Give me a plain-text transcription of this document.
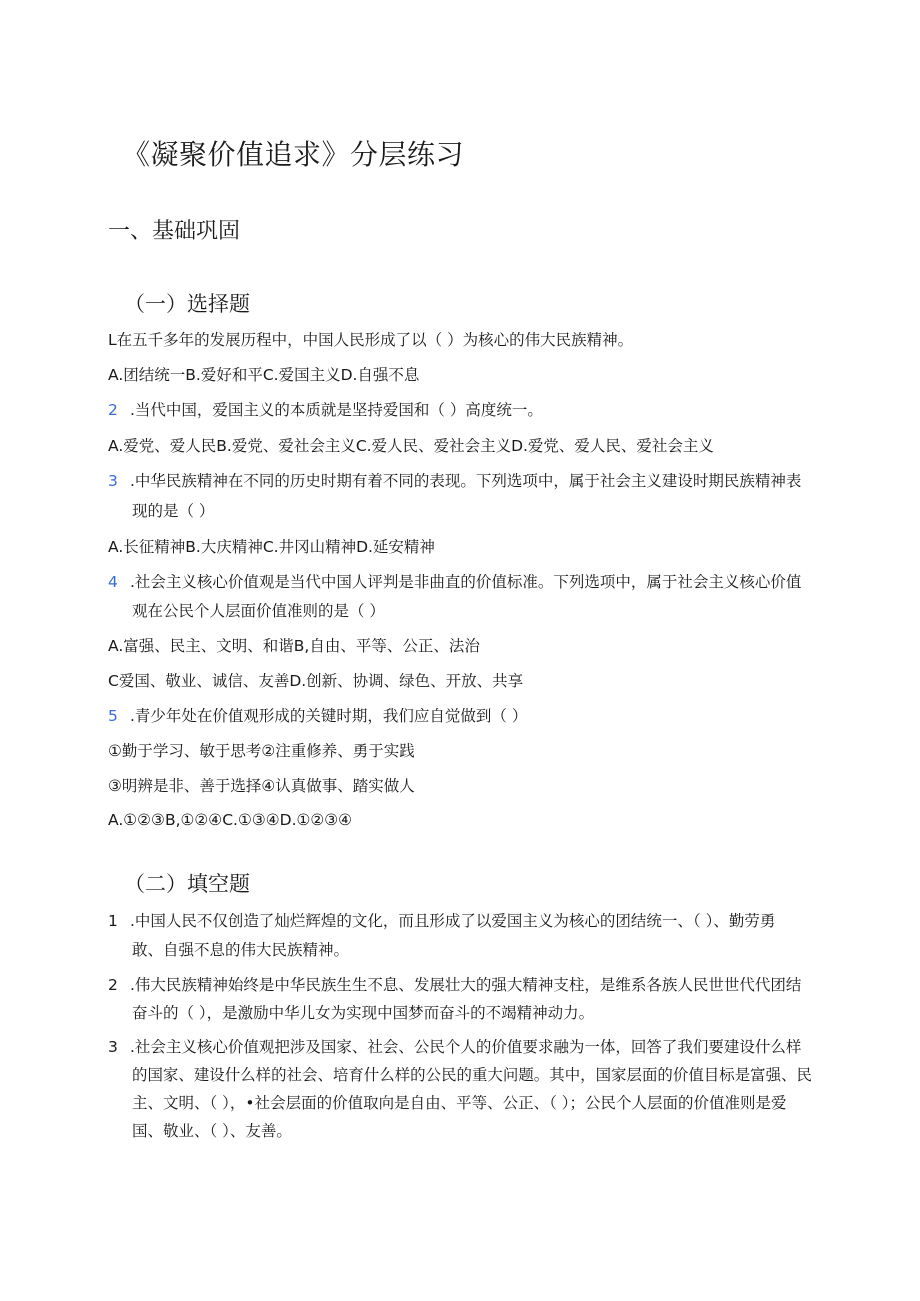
《凝聚价值追求》分层练习
一、基础巩固
（一）选择题
L在五千多年的发展历程中，中国人民形成了以（ ）为核心的伟大民族精神。
A.团结统一B.爱好和平C.爱国主义D.自强不息
2 .当代中国，爱国主义的本质就是坚持爱国和（ ）高度统一。
A.爱党、爱人民B.爱党、爱社会主义C.爱人民、爱社会主义D.爱党、爱人民、爱社会主义
3 .中华民族精神在不同的历史时期有着不同的表现。下列选项中，属于社会主义建设时期民族精神表
现的是（ ）
A.长征精神B.大庆精神C.井冈山精神D.延安精神
4 .社会主义核心价值观是当代中国人评判是非曲直的价值标准。下列选项中，属于社会主义核心价值
观在公民个人层面价值准则的是（ ）
A.富强、民主、文明、和谐B,自由、平等、公正、法治
C爱国、敬业、诚信、友善D.创新、协调、绿色、开放、共享
5 .青少年处在价值观形成的关键时期，我们应自觉做到（ ）
①勤于学习、敏于思考②注重修养、勇于实践
③明辨是非、善于选择④认真做事、踏实做人
A.①②③B,①②④C.①③④D.①②③④
（二）填空题
1 .中国人民不仅创造了灿烂辉煌的文化，而且形成了以爱国主义为核心的团结统一、（ ）、勤劳勇
敢、自强不息的伟大民族精神。
2 .伟大民族精神始终是中华民族生生不息、发展壮大的强大精神支柱，是维系各族人民世世代代团结
奋斗的（ ），是激励中华儿女为实现中国梦而奋斗的不竭精神动力。
3 .社会主义核心价值观把涉及国家、社会、公民个人的价值要求融为一体，回答了我们要建设什么样
的国家、建设什么样的社会、培育什么样的公民的重大问题。其中，国家层面的价值目标是富强、民
主、文明、（ ），•社会层面的价值取向是自由、平等、公正、（ ）；公民个人层面的价值准则是爱
国、敬业、（ ）、友善。
